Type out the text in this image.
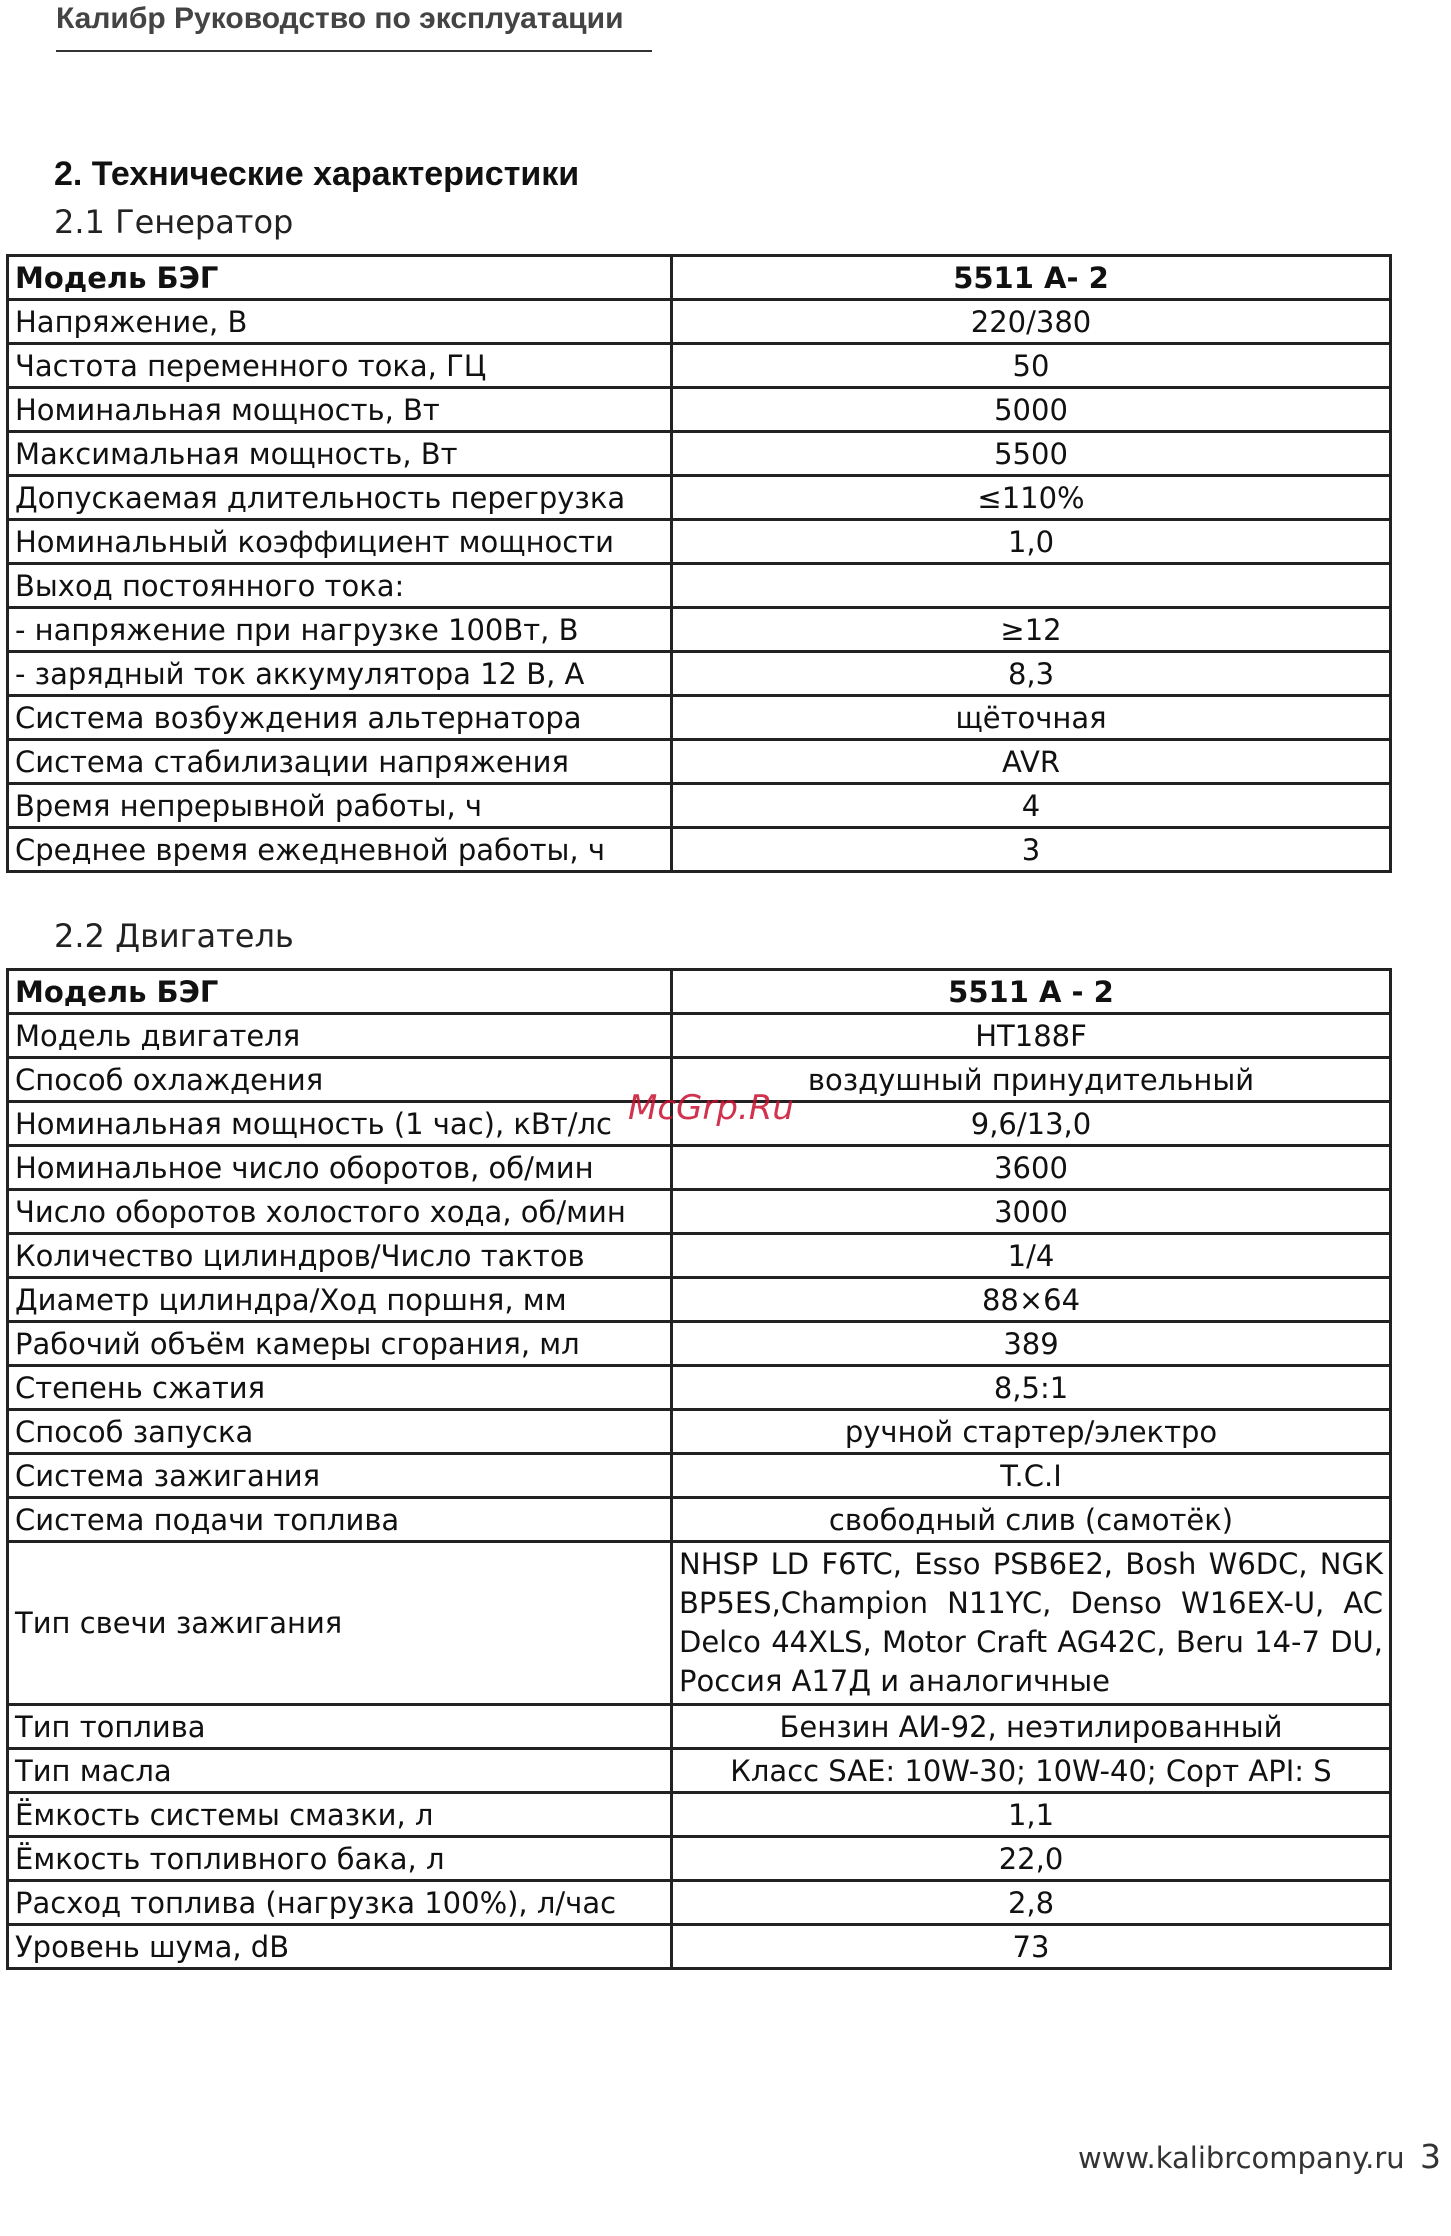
Калибр Руководство по эксплуатации
2. Технические характеристики
2.1 Генератор
Модель БЭГ	5511 А- 2
Напряжение, В	220/380
Частота переменного тока, ГЦ	50
Номинальная мощность, Вт	5000
Максимальная мощность, Вт	5500
Допускаемая длительность перегрузка	≤110%
Номинальный коэффициент мощности	1,0
Выход постоянного тока:	
- напряжение при нагрузке 100Вт, В	≥12
- зарядный ток аккумулятора 12 В, А	8,3
Система возбуждения альтернатора	щёточная
Система стабилизации напряжения	AVR
Время непрерывной работы, ч	4
Среднее время ежедневной работы, ч	3
2.2 Двигатель
Модель БЭГ	5511 А - 2
Модель двигателя	HT188F
Способ охлаждения	воздушный принудительный
Номинальная мощность (1 час), кВт/лс	9,6/13,0
Номинальное число оборотов, об/мин	3600
Число оборотов холостого хода, об/мин	3000
Количество цилиндров/Число тактов	1/4
Диаметр цилиндра/Ход поршня, мм	88×64
Рабочий объём камеры сгорания, мл	389
Степень сжатия	8,5:1
Способ запуска	ручной стартер/электро
Система зажигания	T.C.I
Система подачи топлива	свободный слив (самотёк)
Тип свечи зажигания	NHSP LD F6TC, Esso PSB6E2, Bosh W6DC, NGK BP5ES,Champion N11YC, Denso W16EX-U, AC Delco 44XLS, Motor Craft AG42C, Beru 14-7 DU, Россия А17Д и аналогичные
Тип топлива	Бензин АИ-92, неэтилированный
Тип масла	Класс SAE: 10W-30; 10W-40; Сорт API: S
Ёмкость системы смазки, л	1,1
Ёмкость топливного бака, л	22,0
Расход топлива (нагрузка 100%), л/час	2,8
Уровень шума, dB	73
McGrp.Ru
www.kalibrcompany.ru 3
